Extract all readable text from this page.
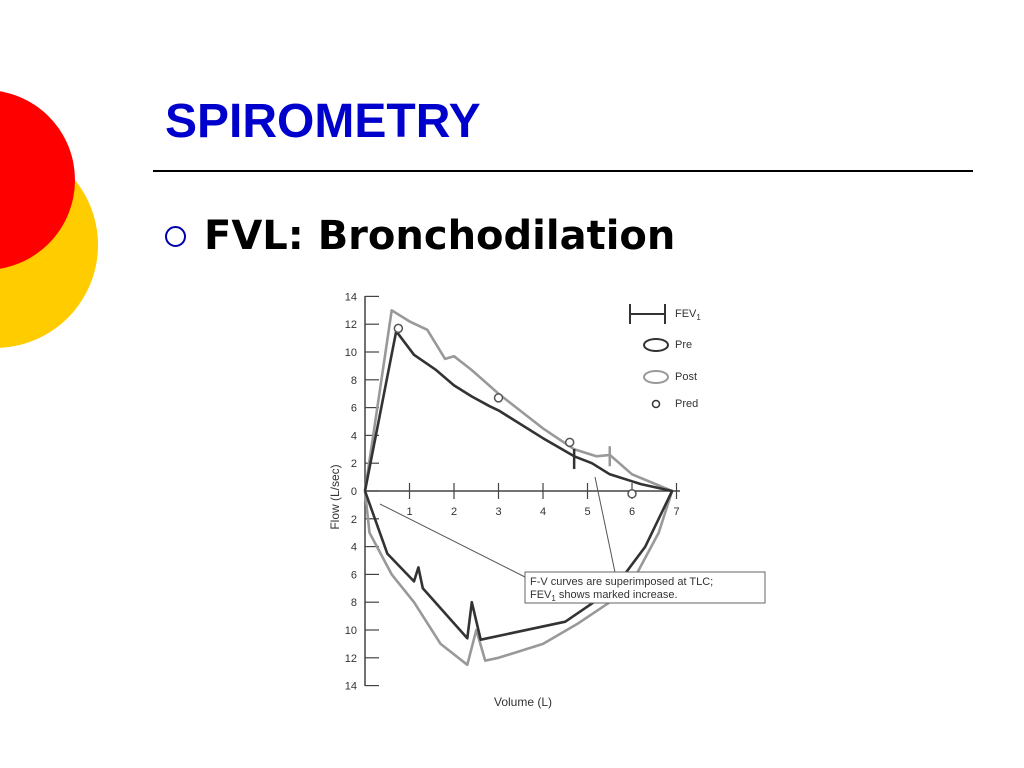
SPIROMETRY
FVL: Bronchodilation
14
12
10
8
6
4
2
0
2
4
6
8
10
12
14
1	2	3	4	5	6	7
Flow (L/sec)
Volume (L)
F-V curves are superimposed at TLC;
$FEV_1$ shows marked increase.
$FEV_1$
Pre
Post
Pred
